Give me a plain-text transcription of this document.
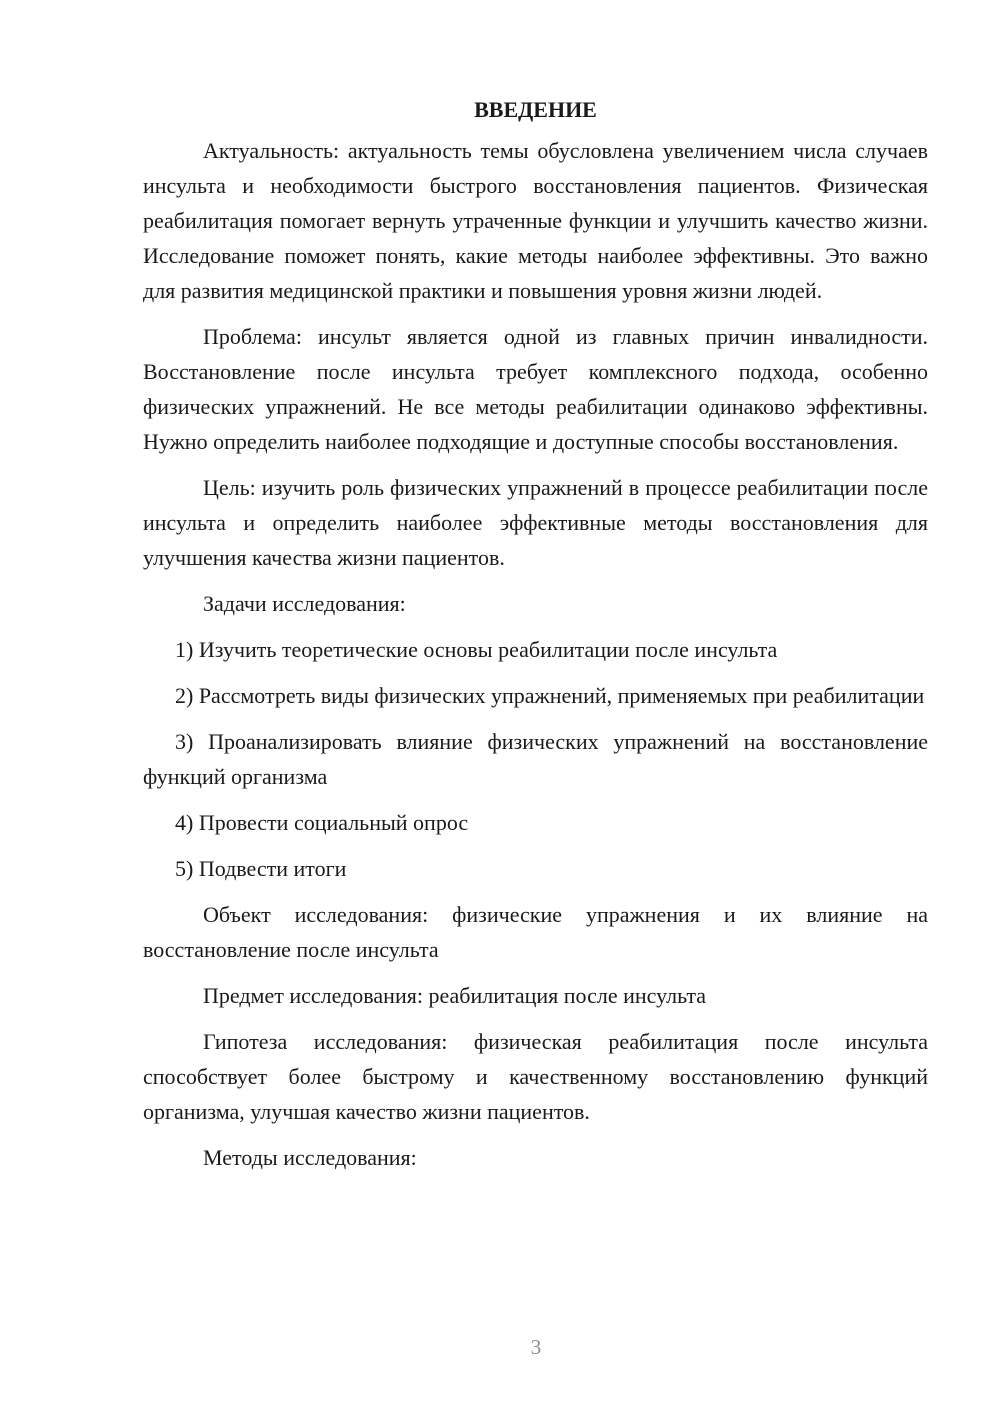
ВВЕДЕНИЕ

Актуальность: актуальность темы обусловлена увеличением числа случаев инсульта и необходимости быстрого восстановления пациентов. Физическая реабилитация помогает вернуть утраченные функции и улучшить качество жизни. Исследование поможет понять, какие методы наиболее эффективны. Это важно для развития медицинской практики и повышения уровня жизни людей.

Проблема: инсульт является одной из главных причин инвалидности. Восстановление после инсульта требует комплексного подхода, особенно физических упражнений. Не все методы реабилитации одинаково эффективны. Нужно определить наиболее подходящие и доступные способы восстановления.

Цель: изучить роль физических упражнений в процессе реабилитации после инсульта и определить наиболее эффективные методы восстановления для улучшения качества жизни пациентов.

Задачи исследования:

1) Изучить теоретические основы реабилитации после инсульта

2) Рассмотреть виды физических упражнений, применяемых при реабилитации

3) Проанализировать влияние физических упражнений на восстановление функций организма

4) Провести социальный опрос

5) Подвести итоги

Объект исследования: физические упражнения и их влияние на восстановление после инсульта

Предмет исследования: реабилитация после инсульта

Гипотеза исследования: физическая реабилитация после инсульта способствует более быстрому и качественному восстановлению функций организма, улучшая качество жизни пациентов.

Методы исследования:

3
